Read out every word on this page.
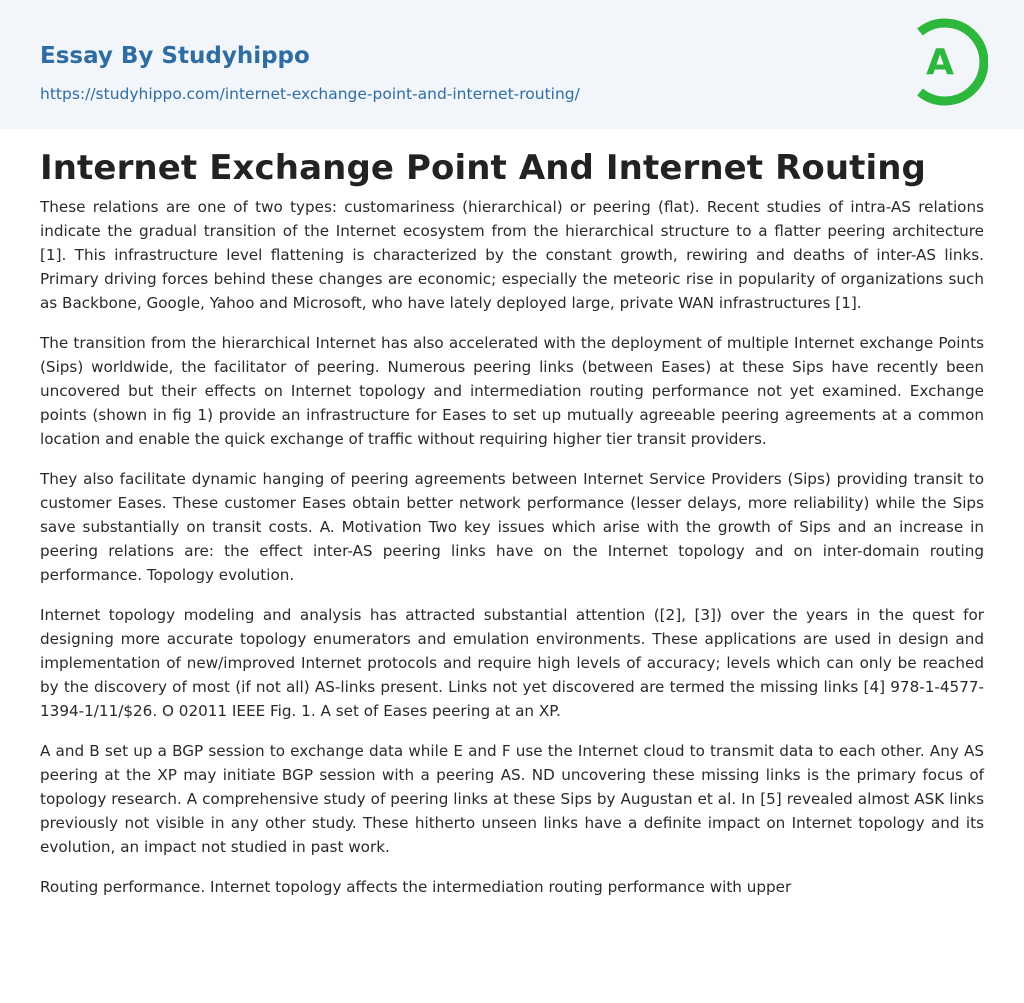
Essay By Studyhippo
https://studyhippo.com/internet-exchange-point-and-internet-routing/
A
Internet Exchange Point And Internet Routing

These relations are one of two types: customariness (hierarchical) or peering (flat). Recent studies of intra-AS relations indicate the gradual transition of the Internet ecosystem from the hierarchical structure to a flatter peering architecture [1]. This infrastructure level flattening is characterized by the constant growth, rewiring and deaths of inter-AS links. Primary driving forces behind these changes are economic; especially the meteoric rise in popularity of organizations such as Backbone, Google, Yahoo and Microsoft, who have lately deployed large, private WAN infrastructures [1].

The transition from the hierarchical Internet has also accelerated with the deployment of multiple Internet exchange Points (Sips) worldwide, the facilitator of peering. Numerous peering links (between Eases) at these Sips have recently been uncovered but their effects on Internet topology and intermediation routing performance not yet examined. Exchange points (shown in fig 1) provide an infrastructure for Eases to set up mutually agreeable peering agreements at a common location and enable the quick exchange of traffic without requiring higher tier transit providers.

They also facilitate dynamic hanging of peering agreements between Internet Service Providers (Sips) providing transit to customer Eases. These customer Eases obtain better network performance (lesser delays, more reliability) while the Sips save substantially on transit costs. A. Motivation Two key issues which arise with the growth of Sips and an increase in peering relations are: the effect inter-AS peering links have on the Internet topology and on inter-domain routing performance. Topology evolution.

Internet topology modeling and analysis has attracted substantial attention ([2], [3]) over the years in the quest for designing more accurate topology enumerators and emulation environments. These applications are used in design and implementation of new/improved Internet protocols and require high levels of accuracy; levels which can only be reached by the discovery of most (if not all) AS-links present. Links not yet discovered are termed the missing links [4] 978-1-4577-1394-1/11/$26. O 02011 IEEE Fig. 1. A set of Eases peering at an XP.

A and B set up a BGP session to exchange data while E and F use the Internet cloud to transmit data to each other. Any AS peering at the XP may initiate BGP session with a peering AS. ND uncovering these missing links is the primary focus of topology research. A comprehensive study of peering links at these Sips by Augustan et al. In [5] revealed almost ASK links previously not visible in any other study. These hitherto unseen links have a definite impact on Internet topology and its evolution, an impact not studied in past work.

Routing performance. Internet topology affects the intermediation routing performance with upper
